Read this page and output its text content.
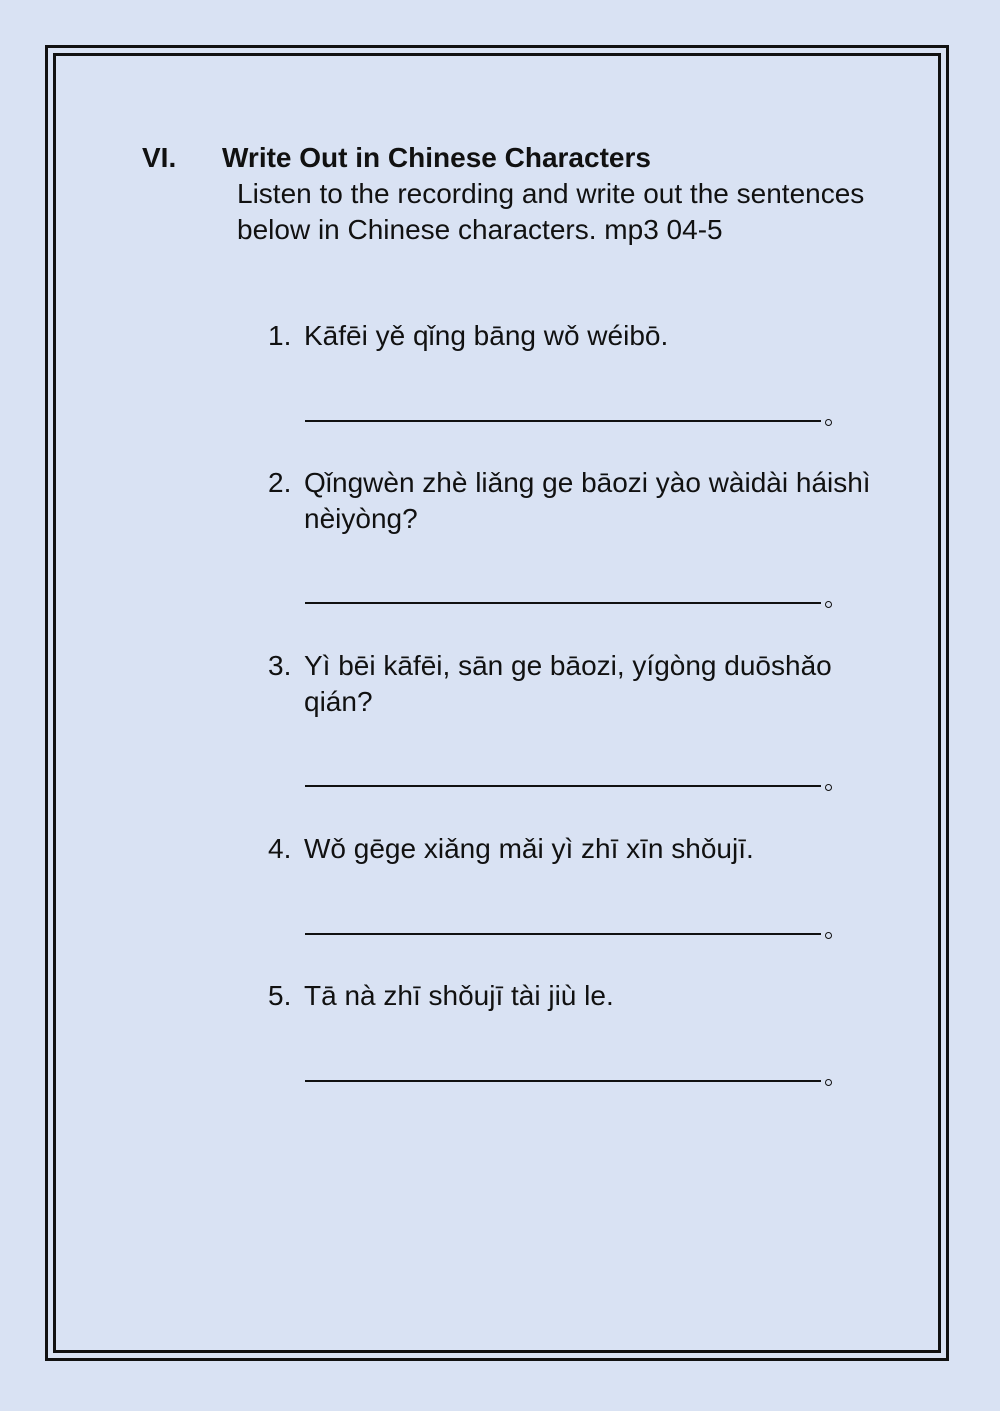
VI. Write Out in Chinese Characters
Listen to the recording and write out the sentences below in Chinese characters. mp3 04-5
1. Kāfēi yě qǐng bāng wǒ wéibō.
2. Qǐngwèn zhè liǎng ge bāozi yào wàidài háishì nèiyòng?
3. Yì bēi kāfēi, sān ge bāozi, yígòng duōshǎo qián?
4. Wǒ gēge xiǎng mǎi yì zhī xīn shǒujī.
5. Tā nà zhī shǒujī tài jiù le.
